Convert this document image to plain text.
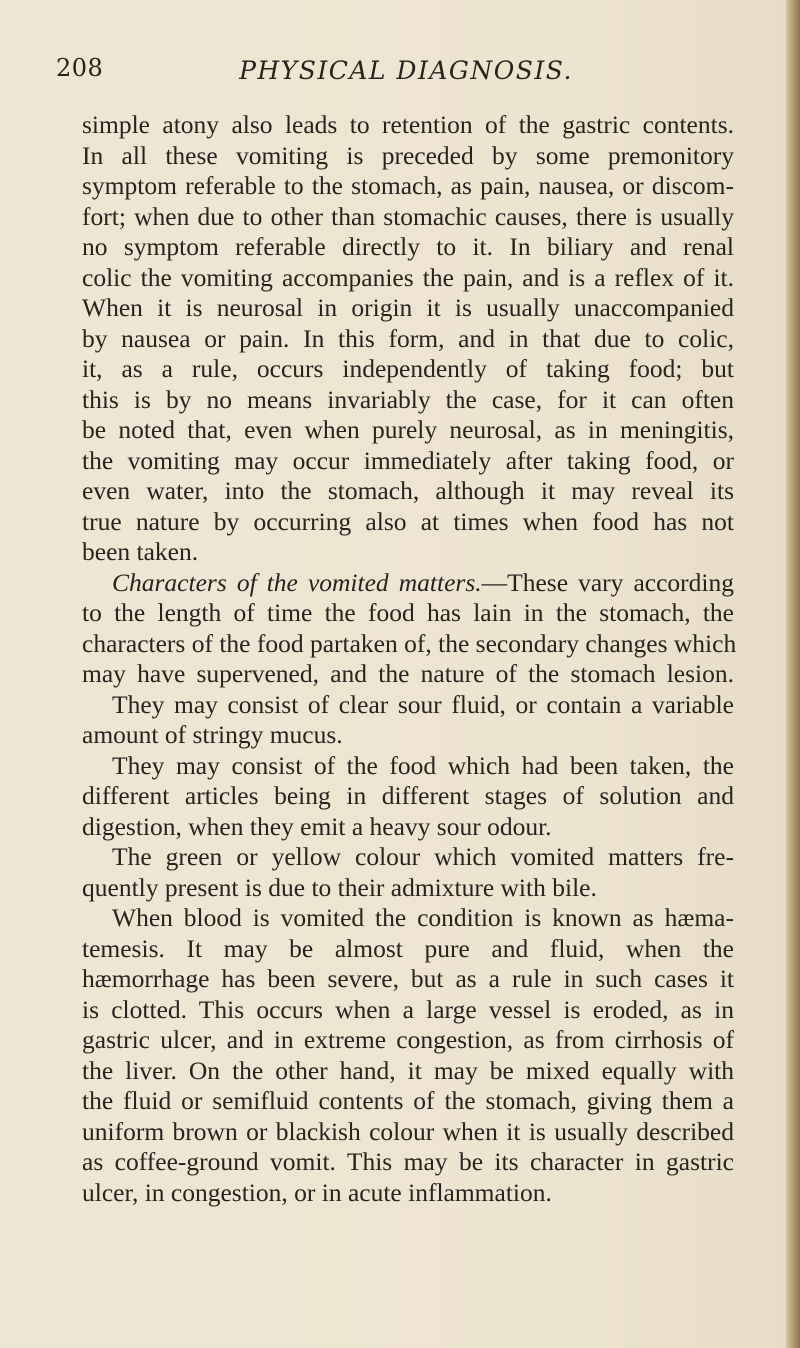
208	PHYSICAL DIAGNOSIS.
simple atony also leads to retention of the gastric contents.
In all these vomiting is preceded by some premonitory
symptom referable to the stomach, as pain, nausea, or discom-
fort; when due to other than stomachic causes, there is usually
no symptom referable directly to it. In biliary and renal
colic the vomiting accompanies the pain, and is a reflex of it.
When it is neurosal in origin it is usually unaccompanied
by nausea or pain. In this form, and in that due to colic,
it, as a rule, occurs independently of taking food; but
this is by no means invariably the case, for it can often
be noted that, even when purely neurosal, as in meningitis,
the vomiting may occur immediately after taking food, or
even water, into the stomach, although it may reveal its
true nature by occurring also at times when food has not
been taken.
Characters of the vomited matters.—These vary according
to the length of time the food has lain in the stomach, the
characters of the food partaken of, the secondary changes which
may have supervened, and the nature of the stomach lesion.
They may consist of clear sour fluid, or contain a variable
amount of stringy mucus.
They may consist of the food which had been taken, the
different articles being in different stages of solution and
digestion, when they emit a heavy sour odour.
The green or yellow colour which vomited matters fre-
quently present is due to their admixture with bile.
When blood is vomited the condition is known as hæma-
temesis. It may be almost pure and fluid, when the
hæmorrhage has been severe, but as a rule in such cases it
is clotted. This occurs when a large vessel is eroded, as in
gastric ulcer, and in extreme congestion, as from cirrhosis of
the liver. On the other hand, it may be mixed equally with
the fluid or semifluid contents of the stomach, giving them a
uniform brown or blackish colour when it is usually described
as coffee-ground vomit. This may be its character in gastric
ulcer, in congestion, or in acute inflammation.
